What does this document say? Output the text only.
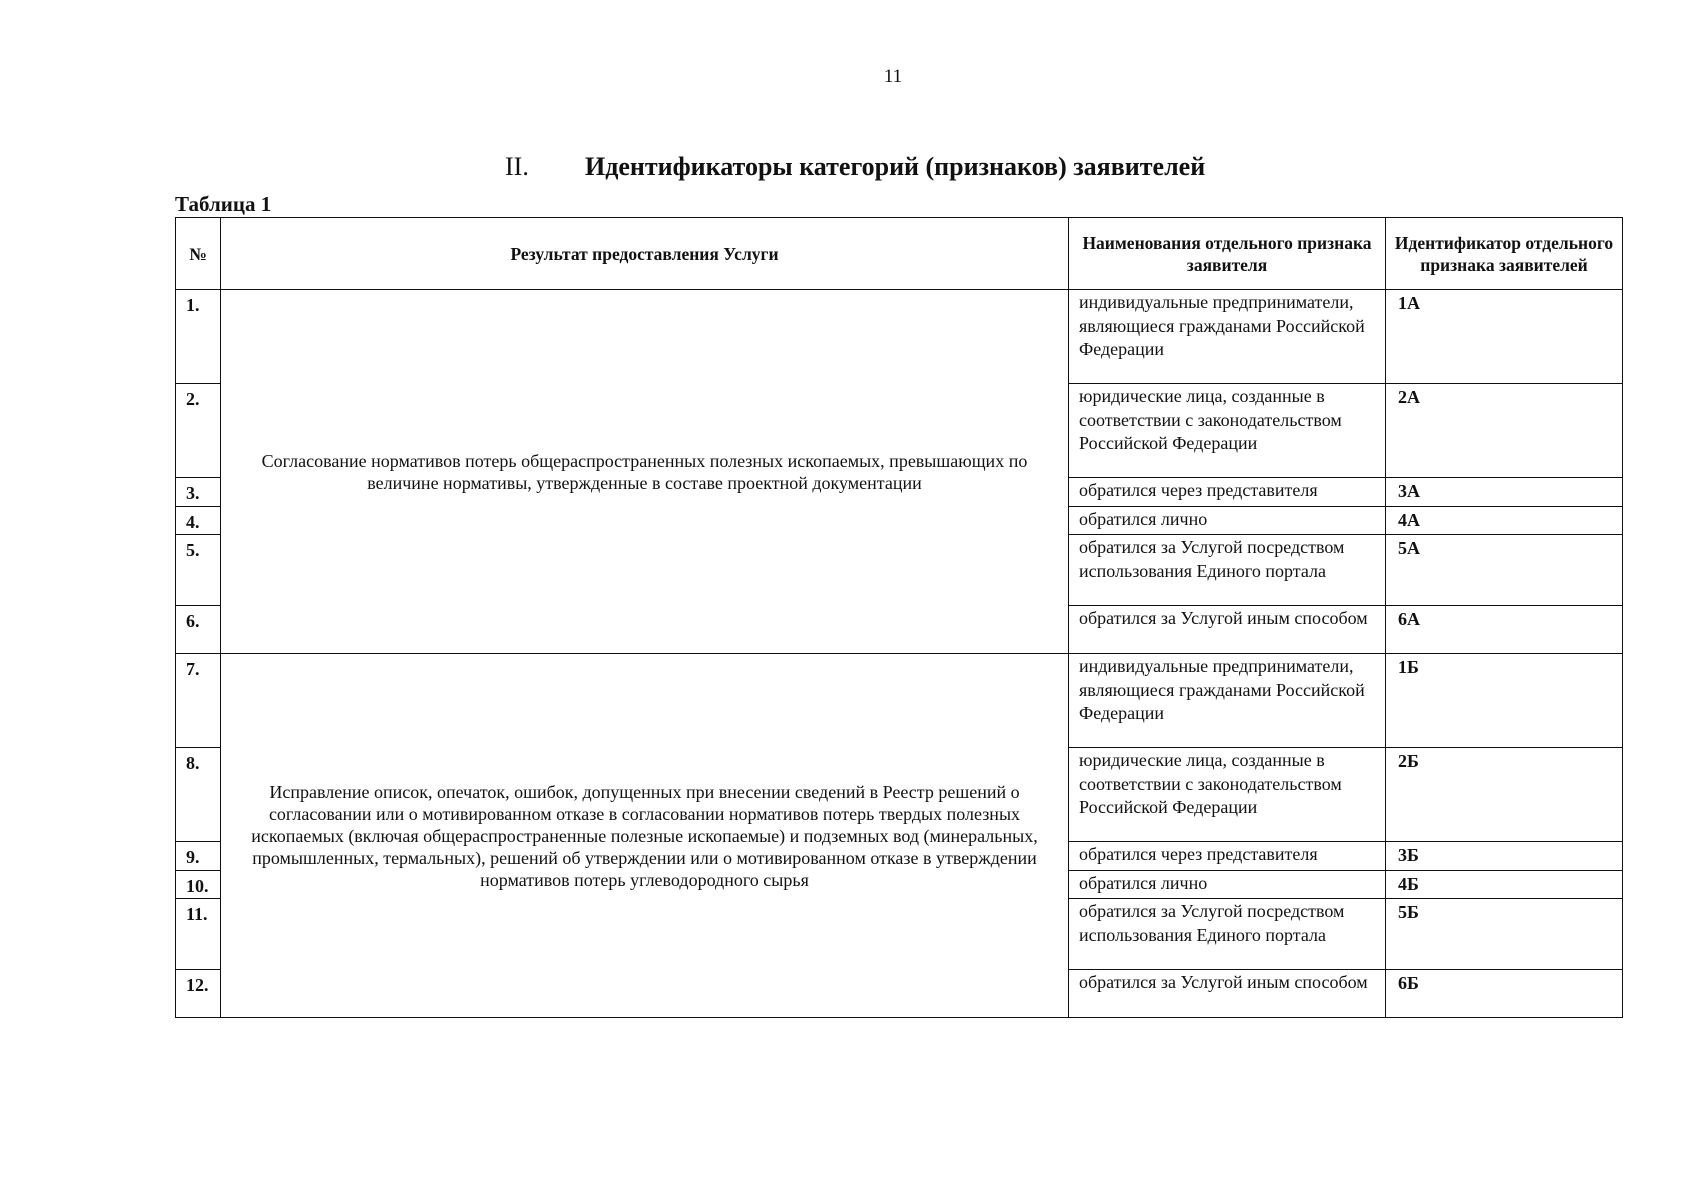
11
II. Идентификаторы категорий (признаков) заявителей
Таблица 1
№	Результат предоставления Услуги	Наименования отдельного признака заявителя	Идентификатор отдельного признака заявителей
1.	Согласование нормативов потерь общераспространенных полезных ископаемых, превышающих по величине нормативы, утвержденные в составе проектной документации	индивидуальные предприниматели, являющиеся гражданами Российской Федерации	1А
2.		юридические лица, созданные в соответствии с законодательством Российской Федерации	2А
3.		обратился через представителя	3А
4.		обратился лично	4А
5.		обратился за Услугой посредством использования Единого портала	5А
6.		обратился за Услугой иным способом	6А
7.	Исправление описок, опечаток, ошибок, допущенных при внесении сведений в Реестр решений о согласовании или о мотивированном отказе в согласовании нормативов потерь твердых полезных ископаемых (включая общераспространенные полезные ископаемые) и подземных вод (минеральных, промышленных, термальных), решений об утверждении или о мотивированном отказе в утверждении нормативов потерь углеводородного сырья	индивидуальные предприниматели, являющиеся гражданами Российской Федерации	1Б
8.		юридические лица, созданные в соответствии с законодательством Российской Федерации	2Б
9.		обратился через представителя	3Б
10.		обратился лично	4Б
11.		обратился за Услугой посредством использования Единого портала	5Б
12.		обратился за Услугой иным способом	6Б
